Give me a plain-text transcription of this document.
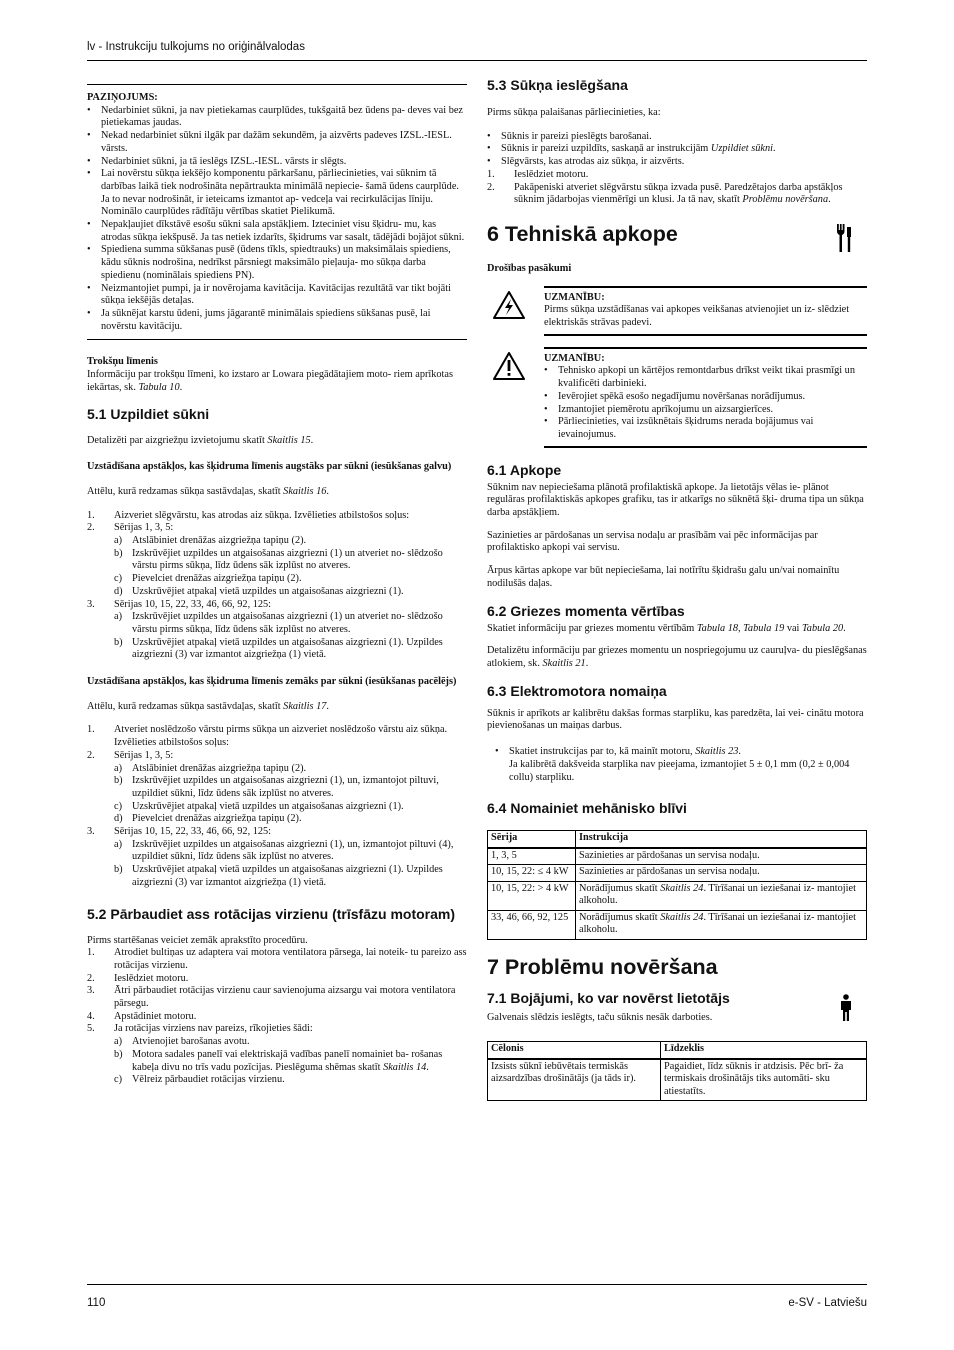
lv - Instrukciju tulkojums no oriģinālvalodas
110	e-SV - Latviešu

PAZIŅOJUMS:

• Nedarbiniet sūkni, ja nav pietiekamas caurplūdes, tukšgaitā bez ūdens pa- deves vai bez pietiekamas jaudas.
• Nekad nedarbiniet sūkni ilgāk par dažām sekundēm, ja aizvērts padeves IZSL.-IESL. vārsts.
• Nedarbiniet sūkni, ja tā ieslēgs IZSL.-IESL. vārsts ir slēgts.
• Lai novērstu sūkņa iekšējo komponentu pārkaršanu, pārliecinieties, vai sūknim tā darbības laikā tiek nodrošināta nepārtraukta minimālā nepiecie- šamā ūdens caurplūde. Ja to nevar nodrošināt, ir ieteicams izmantot ap- vedceļa vai recirkulācijas līniju. Nominālo caurplūdes rādītāju vērtības skatiet Pielikumā.
• Nepakļaujiet dīkstāvē esošu sūkni sala apstākļiem. Izteciniet visu šķidru- mu, kas atrodas sūkņa iekšpusē. Ja tas netiek izdarīts, šķidrums var sasalt, tādējādi bojājot sūkni.
• Spiediena summa sūkšanas pusē (ūdens tīkls, spiedtrauks) un maksimālais spiediens, kādu sūknis nodrošina, nedrīkst pārsniegt maksimālo pieļauja- mo sūkņa darba spiedienu (nominālais spiediens PN).
• Neizmantojiet pumpi, ja ir novērojama kavitācija. Kavitācijas rezultātā var tikt bojāti sūkņa iekšējās detaļas.
• Ja sūknējat karstu ūdeni, jums jāgarantē minimālais spiediens sūkšanas pusē, lai novērstu kavitāciju.

Trokšņu līmenis

Informāciju par trokšņu līmeni, ko izstaro ar Lowara piegādātajiem moto- riem aprīkotas iekārtas, sk. Tabula 10.

5.1 Uzpildiet sūkni

Detalizēti par aizgriežņu izvietojumu skatīt Skaitlis 15.

Uzstādīšana apstākļos, kas šķidruma līmenis augstāks par sūkni (iesūkšanas galvu)

Attēlu, kurā redzamas sūkņa sastāvdaļas, skatīt Skaitlis 16.

1. Aizveriet slēgvārstu, kas atrodas aiz sūkņa. Izvēlieties atbilstošos soļus:
2. Sērijas 1, 3, 5:
a) Atslābiniet drenāžas aizgriežņa tapiņu (2).
b) Izskrūvējiet uzpildes un atgaisošanas aizgriezni (1) un atveriet no- slēdzošo vārstu pirms sūkņa, līdz ūdens sāk izplūst no atveres.
c) Pievelciet drenāžas aizgriežņa tapiņu (2).
d) Uzskrūvējiet atpakaļ vietā uzpildes un atgaisošanas aizgriezni (1).
3. Sērijas 10, 15, 22, 33, 46, 66, 92, 125:
a) Izskrūvējiet uzpildes un atgaisošanas aizgriezni (1) un atveriet no- slēdzošo vārstu pirms sūkņa, līdz ūdens sāk izplūst no atveres.
b) Uzskrūvējiet atpakaļ vietā uzpildes un atgaisošanas aizgriezni (1). Uzpildes aizgriezni (3) var izmantot aizgriežņa (1) vietā.

Uzstādīšana apstākļos, kas šķidruma līmenis zemāks par sūkni (iesūkšanas pacēlējs)

Attēlu, kurā redzamas sūkņa sastāvdaļas, skatīt Skaitlis 17.

1. Atveriet noslēdzošo vārstu pirms sūkņa un aizveriet noslēdzošo vārstu aiz sūkņa. Izvēlieties atbilstošos soļus:
2. Sērijas 1, 3, 5:
a) Atslābiniet drenāžas aizgriežņa tapiņu (2).
b) Izskrūvējiet uzpildes un atgaisošanas aizgriezni (1), un, izmantojot piltuvi, uzpildiet sūkni, līdz ūdens sāk izplūst no atveres.
c) Uzskrūvējiet atpakaļ vietā uzpildes un atgaisošanas aizgriezni (1).
d) Pievelciet drenāžas aizgriežņa tapiņu (2).
3. Sērijas 10, 15, 22, 33, 46, 66, 92, 125:
a) Izskrūvējiet uzpildes un atgaisošanas aizgriezni (1), un, izmantojot piltuvi (4), uzpildiet sūkni, līdz ūdens sāk izplūst no atveres.
b) Uzskrūvējiet atpakaļ vietā uzpildes un atgaisošanas aizgriezni (1). Uzpildes aizgriezni (3) var izmantot aizgriežņa (1) vietā.

5.2 Pārbaudiet ass rotācijas virzienu (trīsfāzu motoram)

Pirms startēšanas veiciet zemāk aprakstīto procedūru.

1. Atrodiet bultiņas uz adaptera vai motora ventilatora pārsega, lai noteik- tu pareizo ass rotācijas virzienu.
2. Ieslēdziet motoru.
3. Ātri pārbaudiet rotācijas virzienu caur savienojuma aizsargu vai motora ventilatora pārsegu.
4. Apstādiniet motoru.
5. Ja rotācijas virziens nav pareizs, rīkojieties šādi:
a) Atvienojiet barošanas avotu.
b) Motora sadales panelī vai elektriskajā vadības panelī nomainiet ba- rošanas kabeļa divu no trīs vadu pozīcijas. Pieslēguma shēmas skatīt Skaitlis 14.
c) Vēlreiz pārbaudiet rotācijas virzienu.

5.3 Sūkņa ieslēgšana

Pirms sūkņa palaišanas pārliecinieties, ka:

• Sūknis ir pareizi pieslēgts barošanai.
• Sūknis ir pareizi uzpildīts, saskaņā ar instrukcijām Uzpildiet sūkni.
• Slēgvārsts, kas atrodas aiz sūkņa, ir aizvērts.
1. Ieslēdziet motoru.
2. Pakāpeniski atveriet slēgvārstu sūkņa izvada pusē. Paredzētajos darba apstākļos sūknim jādarbojas vienmērīgi un klusi. Ja tā nav, skatīt Problēmu novēršana.

6 Tehniskā apkope

Drošības pasākumi

UZMANĪBU:

Pirms sūkņa uzstādīšanas vai apkopes veikšanas atvienojiet un iz- slēdziet elektriskās strāvas padevi.

UZMANĪBU:

• Tehnisko apkopi un kārtējos remontdarbus drīkst veikt tikai prasmīgi un kvalificēti darbinieki.
• Ievērojiet spēkā esošo negadījumu novēršanas norādījumus.
• Izmantojiet piemērotu aprīkojumu un aizsargierīces.
• Pārliecinieties, vai izsūknētais šķidrums nerada bojājumus vai ievainojumus.

6.1 Apkope

Sūknim nav nepieciešama plānotā profilaktiskā apkope. Ja lietotājs vēlas ie- plānot regulāras profilaktiskās apkopes grafiku, tas ir atkarīgs no sūknētā šķi- druma tipa un sūkņa darba apstākļiem.

Sazinieties ar pārdošanas un servisa nodaļu ar prasībām vai pēc informācijas par profilaktisko apkopi vai servisu.

Ārpus kārtas apkope var būt nepieciešama, lai notīrītu šķidrašu galu un/vai nomainītu nodilušās daļas.

6.2 Griezes momenta vērtības

Skatiet informāciju par griezes momentu vērtībām Tabula 18, Tabula 19 vai Tabula 20.

Detalizētu informāciju par griezes momentu un nospriegojumu uz cauruļva- du pieslēgšanas atlokiem, sk. Skaitlis 21.

6.3 Elektromotora nomaiņa

Sūknis ir aprīkots ar kalibrētu dakšas formas starpliku, kas paredzēta, lai vei- cinātu motora pievienošanas un maiņas darbus.

• Skatiet instrukcijas par to, kā mainīt motoru, Skaitlis 23.
Ja kalibrētā dakšveida starplika nav pieejama, izmantojiet 5 ± 0,1 mm (0,2 ± 0,004 collu) starpliku.

6.4 Nomainiet mehānisko blīvi

Sērija	Instrukcija
1, 3, 5	Sazinieties ar pārdošanas un servisa nodaļu.
10, 15, 22: ≤ 4 kW	Sazinieties ar pārdošanas un servisa nodaļu.
10, 15, 22: > 4 kW	Norādījumus skatīt Skaitlis 24. Tīrīšanai un ieziešanai iz- mantojiet alkoholu.
33, 46, 66, 92, 125	Norādījumus skatīt Skaitlis 24. Tīrīšanai un ieziešanai iz- mantojiet alkoholu.

7 Problēmu novēršana

7.1 Bojājumi, ko var novērst lietotājs

Galvenais slēdzis ieslēgts, taču sūknis nesāk darboties.

Cēlonis	Līdzeklis
Izsists sūknī iebūvētais termiskās aizsardzības drošinātājs (ja tāds ir).	Pagaidiet, līdz sūknis ir atdzisis. Pēc brī- ža termiskais drošinātājs tiks automāti- sku atiestatīts.
